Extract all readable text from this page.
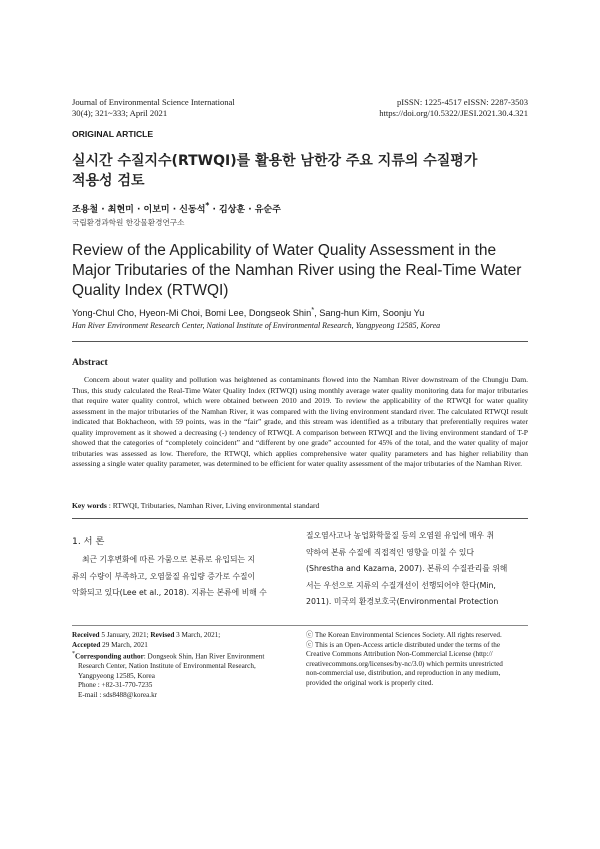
Journal of Environmental Science International
30(4); 321~333; April 2021
pISSN: 1225-4517 eISSN: 2287-3503
https://doi.org/10.5322/JESI.2021.30.4.321
ORIGINAL ARTICLE
실시간 수질지수(RTWQI)를 활용한 남한강 주요 지류의 수질평가
적용성 검토
조용철 · 최현미 · 이보미 · 신동석* · 김상훈 · 유순주
국립환경과학원 한강물환경연구소
Review of the Applicability of Water Quality Assessment in the
Major Tributaries of the Namhan River using the Real-Time Water
Quality Index (RTWQI)
Yong-Chul Cho, Hyeon-Mi Choi, Bomi Lee, Dongseok Shin*, Sang-hun Kim, Soonju Yu
Han River Environment Research Center, National Institute of Environmental Research, Yangpyeong 12585, Korea
Abstract
Concern about water quality and pollution was heightened as contaminants flowed into the Namhan River downstream of the Chungju Dam. Thus, this study calculated the Real-Time Water Quality Index (RTWQI) using monthly average water quality monitoring data for major tributaries that require water quality control, which were obtained between 2010 and 2019. To review the applicability of the RTWQI for water quality assessment in the major tributaries of the Namhan River, it was compared with the living environment standard river. The calculated RTWQI result indicated that Bokhacheon, with 59 points, was in the “fair” grade, and this stream was identified as a tributary that preferentially requires water quality improvement as it showed a decreasing (-) tendency of RTWQI. A comparison between RTWQI and the living environment standard of T-P showed that the categories of “completely coincident” and “different by one grade” accounted for 45% of the total, and the water quality of major tributaries was assessed as low. Therefore, the RTWQI, which applies comprehensive water quality parameters and has higher reliability than assessing a single water quality parameter, was determined to be efficient for water quality assessment of the major tributaries of the Namhan River.
Key words : RTWQI, Tributaries, Namhan River, Living environmental standard
1. 서 론
최근 기후변화에 따른 가뭄으로 본류로 유입되는 지
류의 수량이 부족하고, 오염물질 유입량 증가로 수질이
악화되고 있다(Lee et al., 2018). 지류는 본류에 비해 수
질오염사고나 농업화학물질 등의 오염원 유입에 매우 취
약하여 본류 수질에 직접적인 영향을 미칠 수 있다
(Shrestha and Kazama, 2007). 본류의 수질관리를 위해
서는 우선으로 지류의 수질개선이 선행되어야 한다(Min,
2011). 미국의 환경보호국(Environmental Protection
Received 5 January, 2021; Revised 3 March, 2021;
Accepted 29 March, 2021
*Corresponding author: Dongseok Shin, Han River Environment
Research Center, Nation Institute of Environmental Research,
Yangpyeong 12585, Korea
Phone : +82-31-770-7235
E-mail : sds8488@korea.kr
ⓒ The Korean Environmental Sciences Society. All rights reserved.
ⓒ This is an Open-Access article distributed under the terms of the
Creative Commons Attribution Non-Commercial License (http://
creativecommons.org/licenses/by-nc/3.0) which permits unrestricted
non-commercial use, distribution, and reproduction in any medium,
provided the original work is properly cited.
